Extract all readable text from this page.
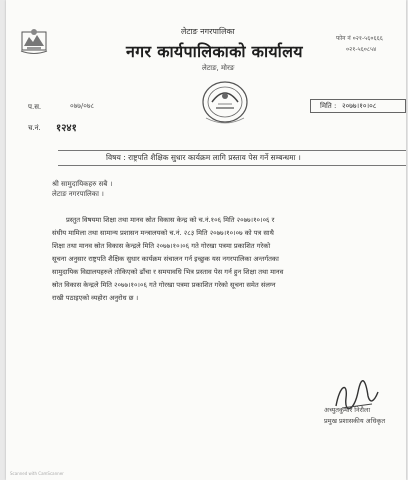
लेटाङ नगरपालिका
नगर कार्यपालिकाको कार्यालय
फोन नं ०२१-५६०६६६
०२१-५६०८५४
लेटाङ, मोरङ
प.स.	०७७/०७८
च.नं. १२४१
मिति : २०७७।१०।०८
विषय : राष्ट्रपति शैक्षिक सुधार कार्यक्रम लागि प्रस्ताव पेस गर्ने सम्बन्धमा ।
श्री सामुदायिकहरु सबै ।
लेटाङ नगरपालिका ।
प्रस्तुत विषयमा शिक्षा तथा मानव स्रोत विकास केन्द्र को च.नं.१०६ मिति २०७७।१०।०६ र
संघीय मामिला तथा सामान्य प्रशासन मन्त्रालयको च.नं. २८३ मिति २०७७।१०।०७ को पत्र साथै
शिक्षा तथा मानव स्रोत विकास केन्द्रले मिति २०७७।१०।०६ गते गोरखा पत्रमा प्रकाशित गरेको
सूचना अनुसार राष्ट्रपति शैक्षिक सुधार कार्यक्रम संचालन गर्न इच्छुक यस नगरपालिका अन्तर्गतका
सामुदायिक विद्यालयहरुले तोकिएको ढाँचा र समयावधि भित्र प्रस्ताव पेस गर्न हुन शिक्षा तथा मानव
स्रोत विकास केन्द्रले मिति २०७७।१०।०६ गते गोरखा पत्रमा प्रकाशित गरेको सूचना समेत संलग्न
राखी पठाइएको व्यहोरा अनुरोध छ ।
अच्युतकुमार निरौला
प्रमुख प्रशासकीय अधिकृत
Scanned with CamScanner
